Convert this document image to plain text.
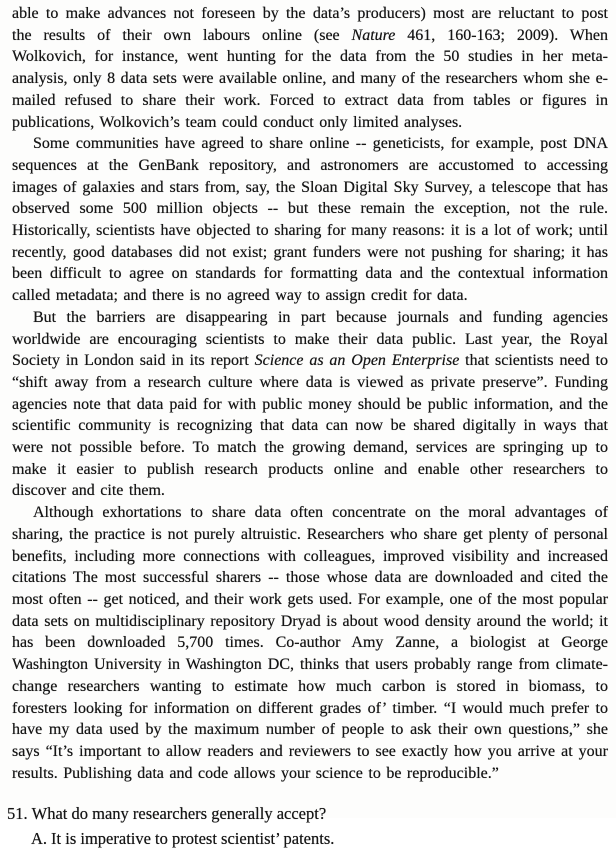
able to make advances not foreseen by the data’s producers) most are reluctant to post the results of their own labours online (see Nature 461, 160-163; 2009). When Wolkovich, for instance, went hunting for the data from the 50 studies in her meta-analysis, only 8 data sets were available online, and many of the researchers whom she e-mailed refused to share their work. Forced to extract data from tables or figures in publications, Wolkovich’s team could conduct only limited analyses.

Some communities have agreed to share online -- geneticists, for example, post DNA sequences at the GenBank repository, and astronomers are accustomed to accessing images of galaxies and stars from, say, the Sloan Digital Sky Survey, a telescope that has observed some 500 million objects -- but these remain the exception, not the rule. Historically, scientists have objected to sharing for many reasons: it is a lot of work; until recently, good databases did not exist; grant funders were not pushing for sharing; it has been difficult to agree on standards for formatting data and the contextual information called metadata; and there is no agreed way to assign credit for data.

But the barriers are disappearing in part because journals and funding agencies worldwide are encouraging scientists to make their data public. Last year, the Royal Society in London said in its report Science as an Open Enterprise that scientists need to “shift away from a research culture where data is viewed as private preserve”. Funding agencies note that data paid for with public money should be public information, and the scientific community is recognizing that data can now be shared digitally in ways that were not possible before. To match the growing demand, services are springing up to make it easier to publish research products online and enable other researchers to discover and cite them.

Although exhortations to share data often concentrate on the moral advantages of sharing, the practice is not purely altruistic. Researchers who share get plenty of personal benefits, including more connections with colleagues, improved visibility and increased citations The most successful sharers -- those whose data are downloaded and cited the most often -- get noticed, and their work gets used. For example, one of the most popular data sets on multidisciplinary repository Dryad is about wood density around the world; it has been downloaded 5,700 times. Co-author Amy Zanne, a biologist at George Washington University in Washington DC, thinks that users probably range from climate-change researchers wanting to estimate how much carbon is stored in biomass, to foresters looking for information on different grades of’ timber. “I would much prefer to have my data used by the maximum number of people to ask their own questions,” she says “It’s important to allow readers and reviewers to see exactly how you arrive at your results. Publishing data and code allows your science to be reproducible.”

51. What do many researchers generally accept?

A. It is imperative to protest scientist’ patents.
